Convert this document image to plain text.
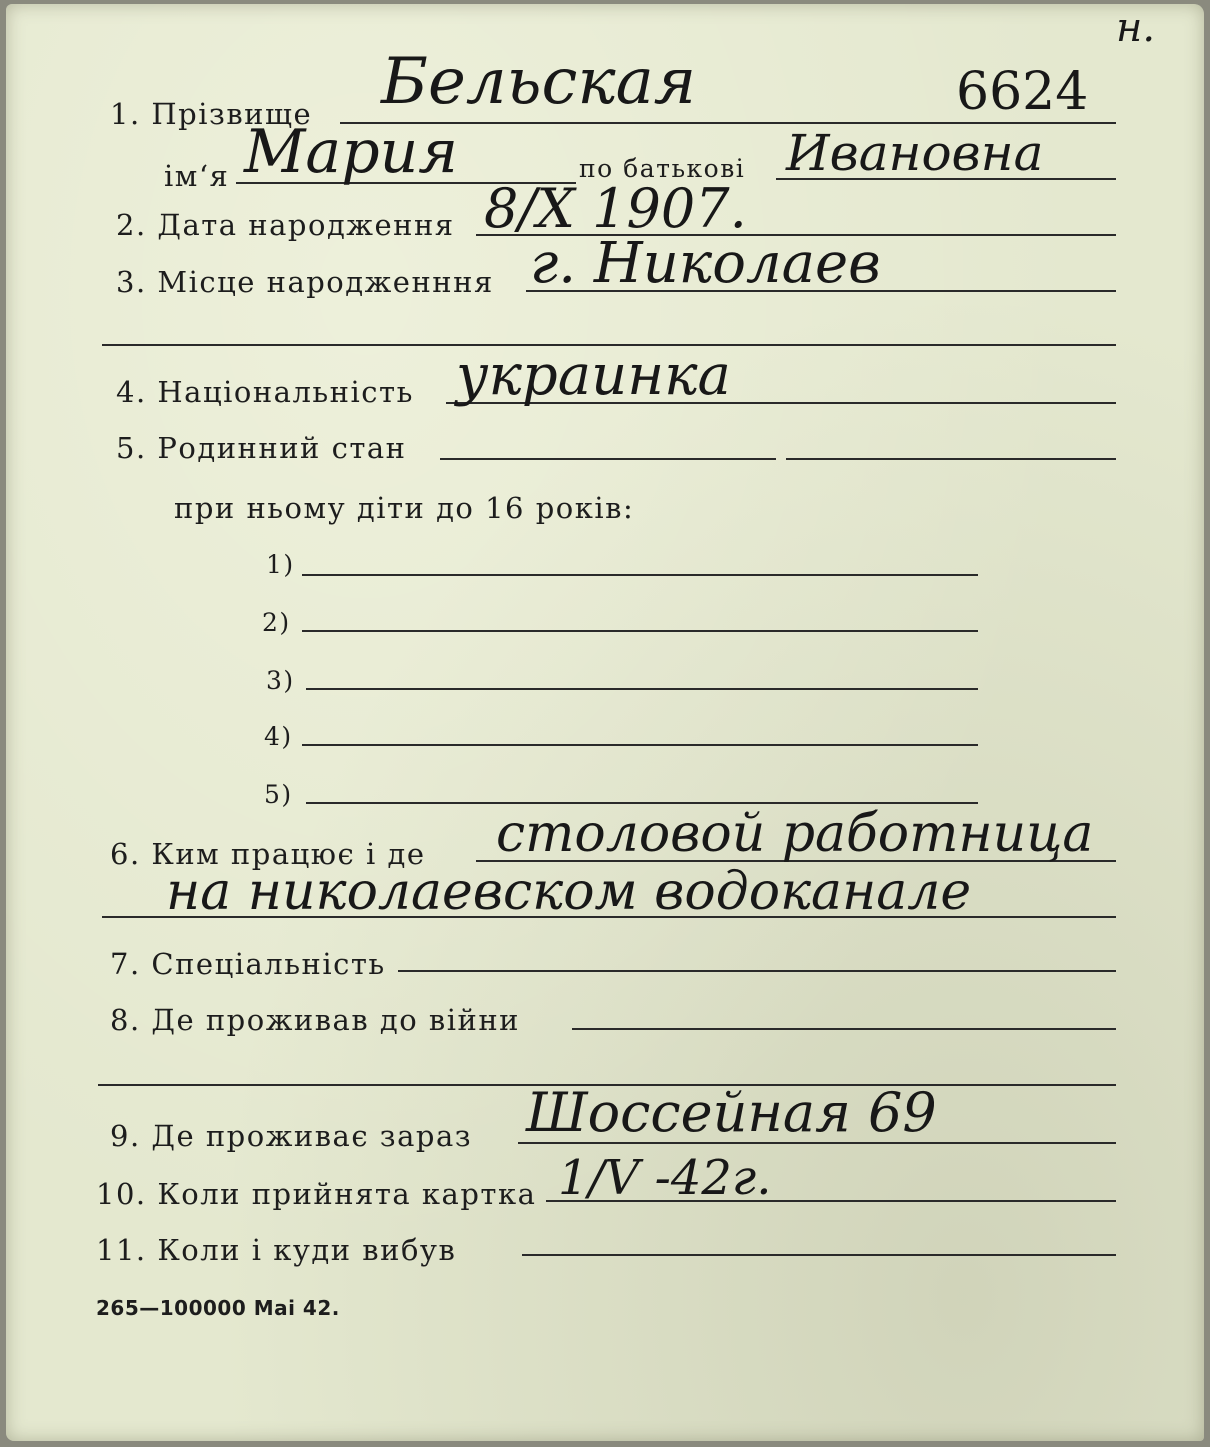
н.
6624
1. Прізвище Бельская
ім‘я Мария	по батькові Ивановна
2. Дата народження 8/X 1907.
3. Місце народженння г. Николаев
4. Національність украинка
5. Родинний стан
при ньому діти до 16 років:
1)
2)
3)
4)
5)
6. Ким працює і де столовой работница
на николаевском водоканале
7. Спеціальність
8. Де проживав до війни
9. Де проживає зараз Шоссейная 69
10. Коли прийнята картка 1/V -42г.
11. Коли і куди вибув
265—100000 Mai 42.
